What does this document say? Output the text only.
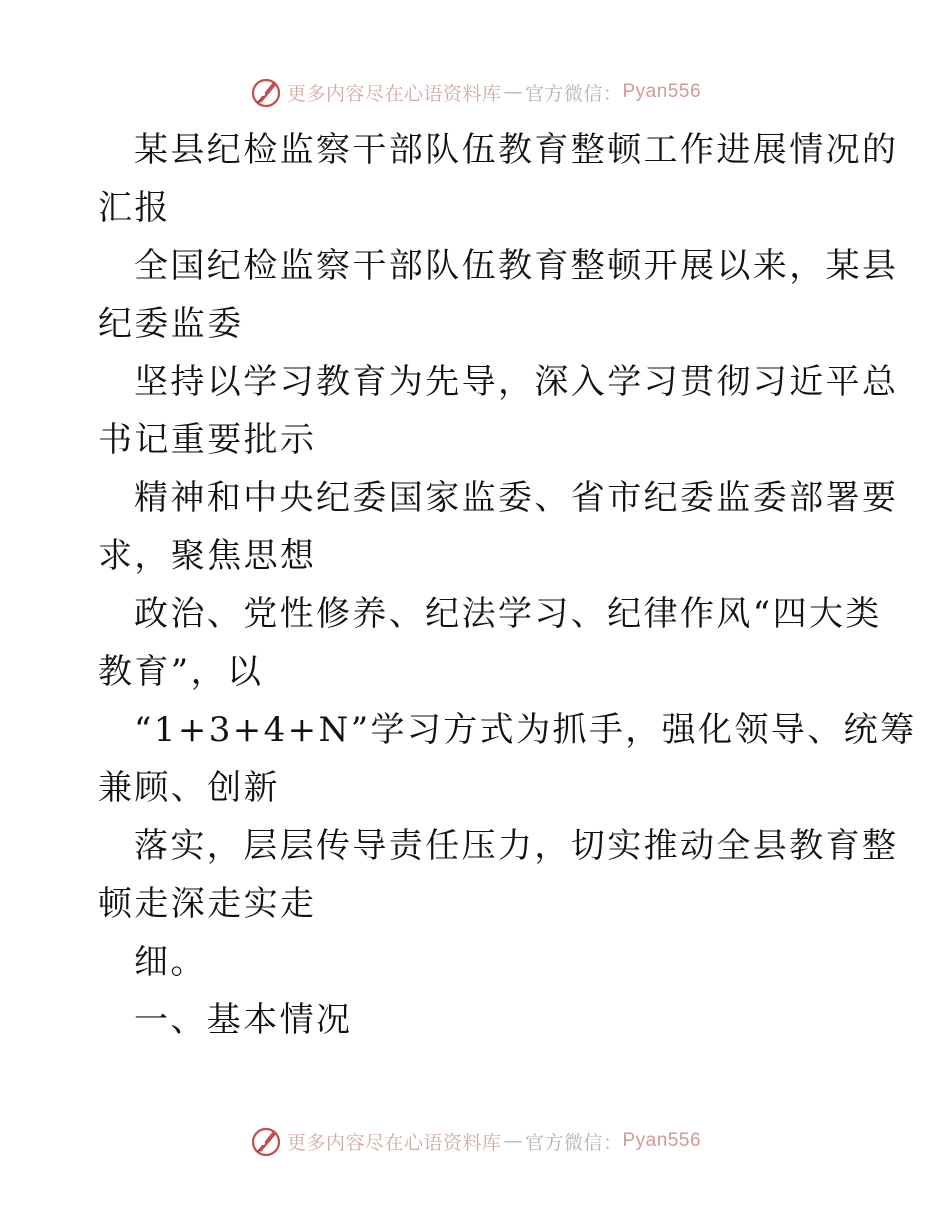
更多内容尽在心语资料库 — 官方微信： Pyan556
某县纪检监察干部队伍教育整顿工作进展情况的
汇报
全国纪检监察干部队伍教育整顿开展以来，某县
纪委监委
坚持以学习教育为先导，深入学习贯彻习近平总
书记重要批示
精神和中央纪委国家监委、省市纪委监委部署要
求，聚焦思想
政治、党性修养、纪法学习、纪律作风“四大类
教育”，以
“1+3+4+N”学习方式为抓手，强化领导、统筹
兼顾、创新
落实，层层传导责任压力，切实推动全县教育整
顿走深走实走
细。
一、基本情况
更多内容尽在心语资料库 — 官方微信： Pyan556
